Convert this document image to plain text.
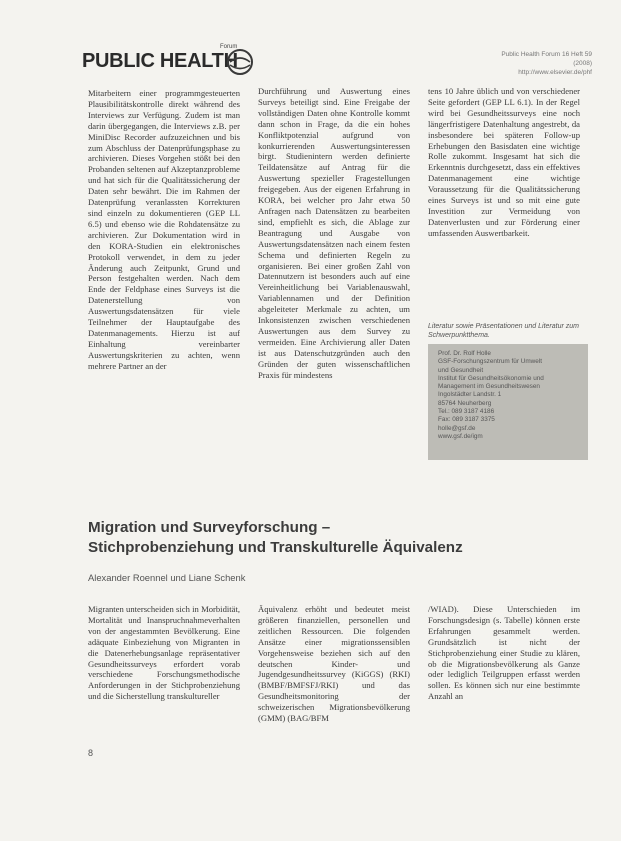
PUBLIC HEALTH
Forum
Public Health Forum 16 Heft 59 (2008)
http://www.elsevier.de/phf

Mitarbeitern einer programmgesteuerten Plausibilitätskontrolle direkt während des Interviews zur Verfügung. Zudem ist man darin übergegangen, die Interviews z.B. per MiniDisc Recorder aufzuzeichnen und bis zum Abschluss der Datenprüfungsphase zu archivieren. Dieses Vorgehen stößt bei den Probanden seltenen auf Akzeptanzprobleme und hat sich für die Qualitätssicherung der Daten sehr bewährt. Die im Rahmen der Datenprüfung veranlassten Korrekturen sind einzeln zu dokumentieren (GEP LL 6.5) und ebenso wie die Rohdatensätze zu archivieren. Zur Dokumentation wird in den KORA-Studien ein elektronisches Protokoll verwendet, in dem zu jeder Änderung auch Zeitpunkt, Grund und Person festgehalten werden. Nach dem Ende der Feldphase eines Surveys ist die Datenerstellung von Auswertungsdatensätzen für viele Teilnehmer der Hauptaufgabe des Datenmanagements. Hierzu ist auf Einhaltung vereinbarter Auswertungskriterien zu achten, wenn mehrere Partner an der

Durchführung und Auswertung eines Surveys beteiligt sind. Eine Freigabe der vollständigen Daten ohne Kontrolle kommt dann schon in Frage, da die ein hohes Konfliktpotenzial aufgrund von konkurrierenden Auswertungsinteressen birgt. Studienintern werden definierte Teildatensätze auf Antrag für die Auswertung spezieller Fragestellungen freigegeben. Aus der eigenen Erfahrung in KORA, bei welcher pro Jahr etwa 50 Anfragen nach Datensätzen zu bearbeiten sind, empfiehlt es sich, die Ablage zur Beantragung und Ausgabe von Auswertungsdatensätzen nach einem festen Schema und definierten Regeln zu organisieren. Bei einer großen Zahl von Datennutzern ist besonders auch auf eine Vereinheitlichung bei Variablenauswahl, Variablennamen und der Definition abgeleiteter Merkmale zu achten, um Inkonsistenzen zwischen verschiedenen Auswertungen aus dem Survey zu vermeiden. Eine Archivierung aller Daten ist aus Datenschutzgründen auch den Gründen der guten wissenschaftlichen Praxis für mindestens

tens 10 Jahre üblich und von verschiedener Seite gefordert (GEP LL 6.1). In der Regel wird bei Gesundheitssurveys eine noch längerfristigere Datenhaltung angestrebt, da insbesondere bei späteren Follow-up Erhebungen den Basisdaten eine wichtige Rolle zukommt. Insgesamt hat sich die Erkenntnis durchgesetzt, dass ein effektives Datenmanagement eine wichtige Voraussetzung für die Qualitätssicherung eines Surveys ist und so mit eine gute Investition zur Vermeidung von Datenverlusten und zur Förderung einer umfassenden Auswertbarkeit.

Literatur sowie Präsentationen und Literatur zum Schwerpunktthema.

Prof. Dr. Rolf Holle
GSF-Forschungszentrum für Umwelt
und Gesundheit
Institut für Gesundheitsökonomie und
Management im Gesundheitswesen
Ingolstädter Landstr. 1
85764 Neuherberg
Tel.: 089 3187 4186
Fax: 089 3187 3375
holle@gsf.de
www.gsf.de/igm
Migration und Surveyforschung –
Stichprobenziehung und Transkulturelle Äquivalenz

Alexander Roennel und Liane Schenk

Migranten unterscheiden sich in Morbidität, Mortalität und Inanspruchnahmeverhalten von der angestammten Bevölkerung. Eine adäquate Einbeziehung von Migranten in die Datenerhebungsanlage repräsentativer Gesundheitssurveys erfordert vorab verschiedene Forschungsmethodische Anforderungen in der Stichprobenziehung und die Sicherstellung transkultureller

Äquivalenz erhöht und bedeutet meist größeren finanziellen, personellen und zeitlichen Ressourcen. Die folgenden Ansätze einer migrationssensiblen Vorgehensweise beziehen sich auf den deutschen Kinder- und Jugendgesundheitssurvey (KiGGS) (RKI) (BMBF/BMFSFJ/RKI) und das Gesundheitsmonitoring der schweizerischen Migrationsbevölkerung (GMM) (BAG/BFM

/WIAD). Diese Unterschieden im Forschungsdesign (s. Tabelle) können erste Erfahrungen gesammelt werden. Grundsätzlich ist nicht der Stichprobenziehung einer Studie zu klären, ob die Migrationsbevölkerung als Ganze oder lediglich Teilgruppen erfasst werden sollen. Es können sich nur eine bestimmte Anzahl an

8
